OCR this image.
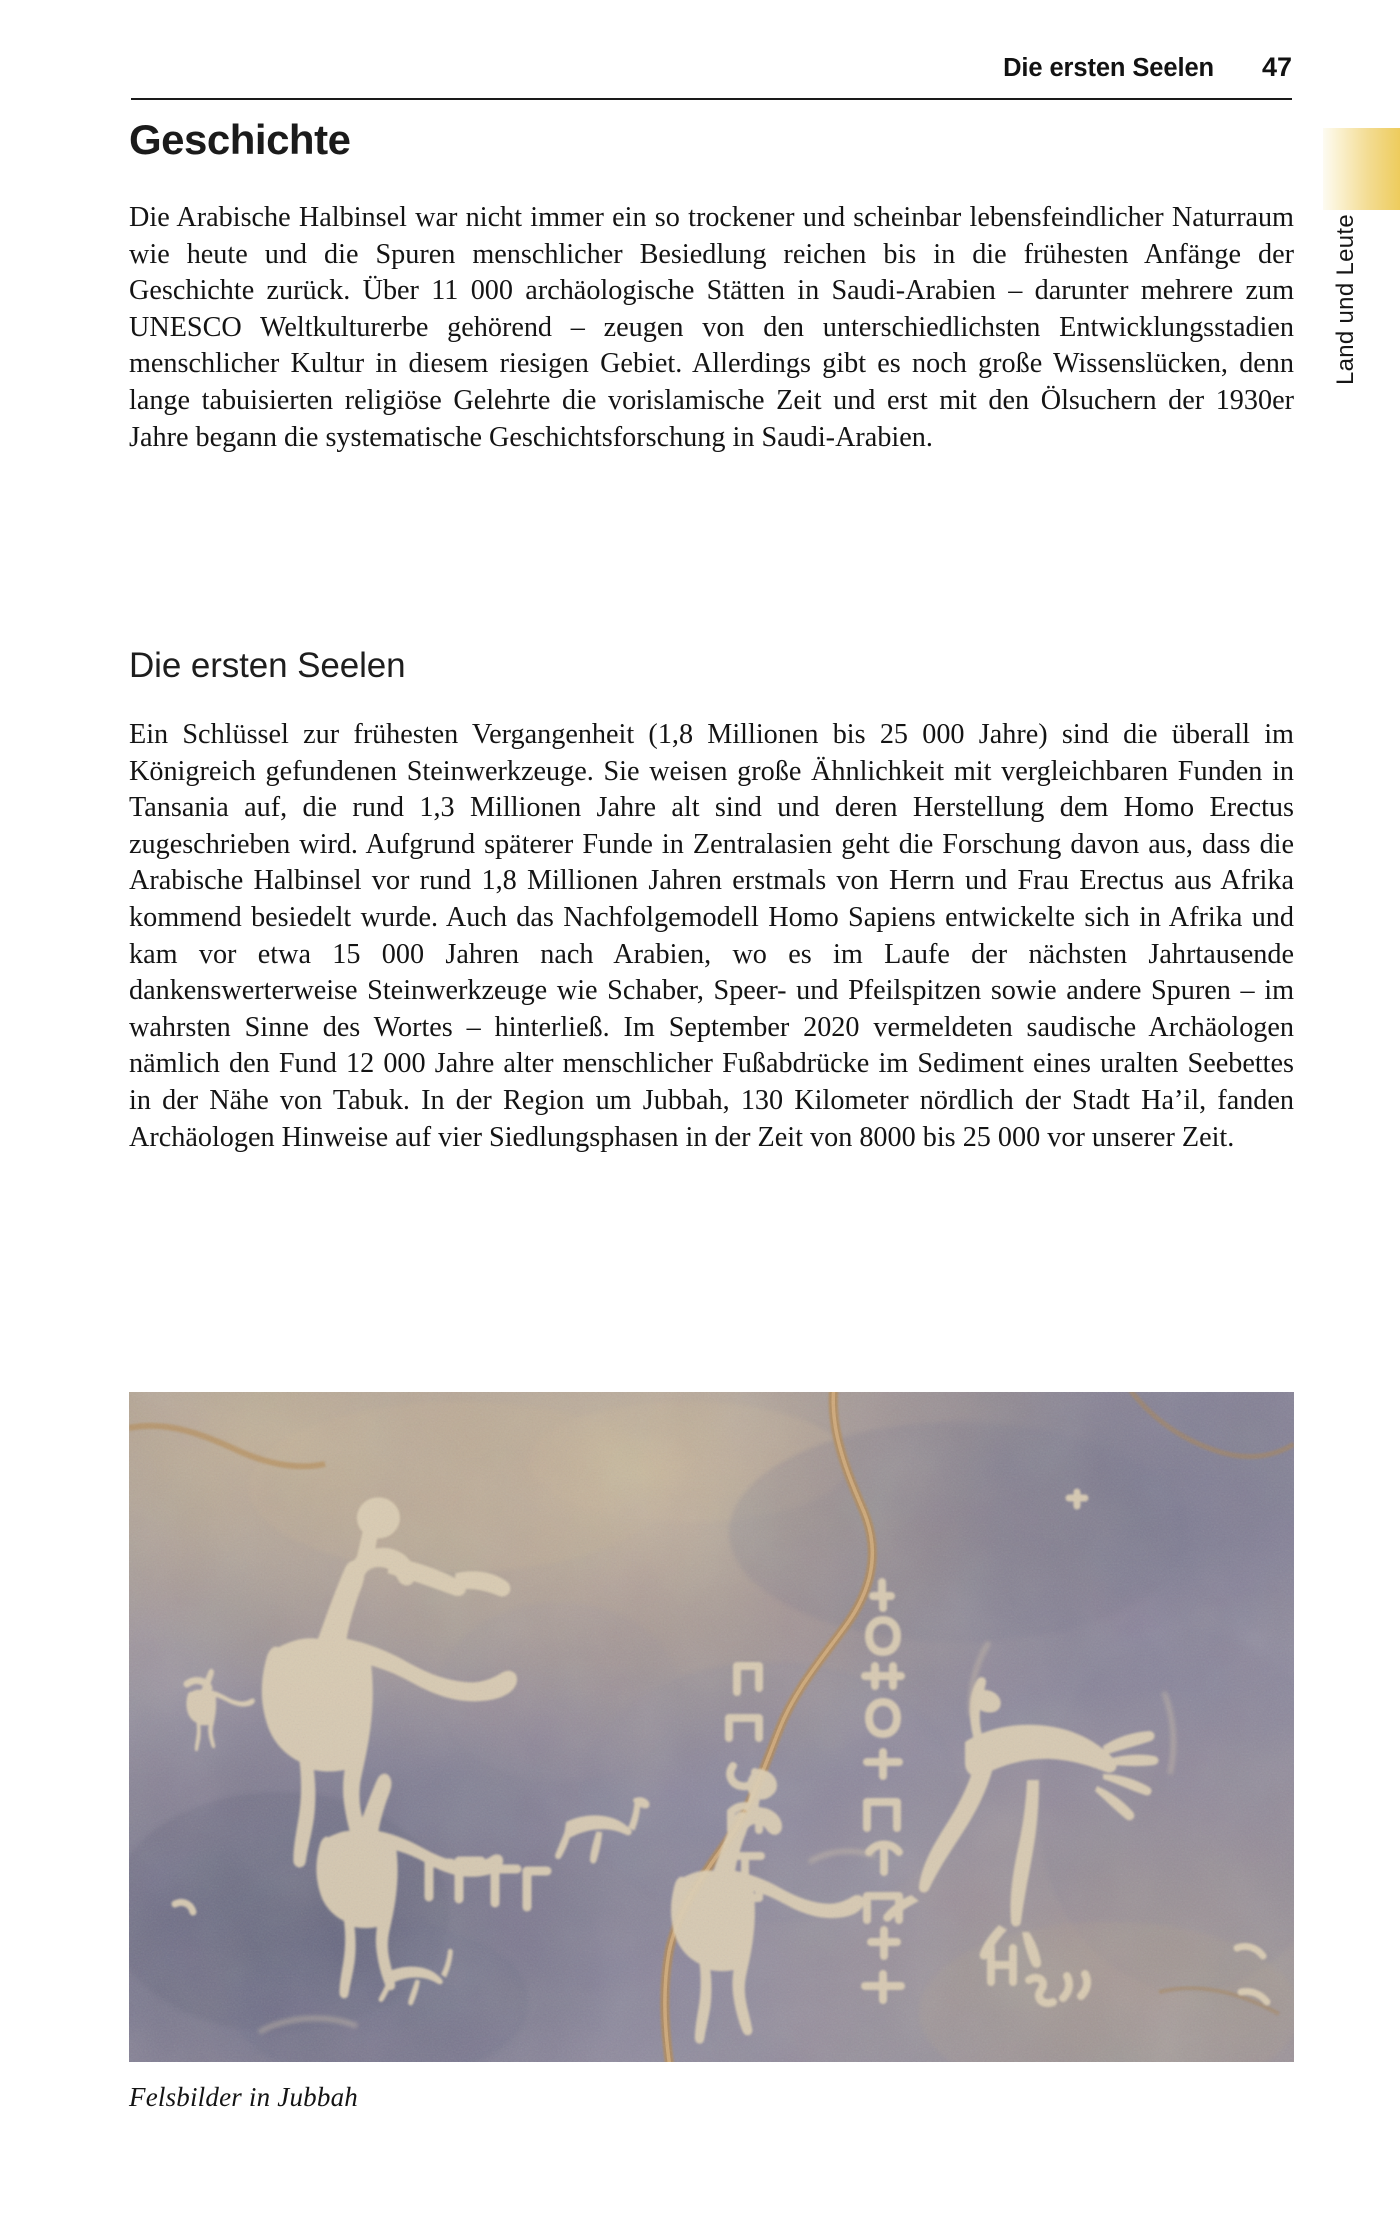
Die ersten Seelen 47
Land und Leute
Geschichte
Die ersten Seelen

Die Arabische Halbinsel war nicht immer ein so trockener und scheinbar lebensfeindlicher Naturraum wie heute und die Spuren menschlicher Besiedlung reichen bis in die frühesten Anfänge der Geschichte zurück. Über 11 000 archäologische Stätten in Saudi-Arabien – darunter mehrere zum UNESCO Weltkulturerbe gehörend – zeugen von den unterschiedlichsten Entwicklungsstadien menschlicher Kultur in diesem riesigen Gebiet. Allerdings gibt es noch große Wissenslücken, denn lange tabuisierten religiöse Gelehrte die vorislamische Zeit und erst mit den Ölsuchern der 1930er Jahre begann die systematische Geschichtsforschung in Saudi-Arabien.

Ein Schlüssel zur frühesten Vergangenheit (1,8 Millionen bis 25 000 Jahre) sind die überall im Königreich gefundenen Steinwerkzeuge. Sie weisen große Ähnlichkeit mit vergleichbaren Funden in Tansania auf, die rund 1,3 Millionen Jahre alt sind und deren Herstellung dem Homo Erectus zugeschrieben wird. Aufgrund späterer Funde in Zentralasien geht die Forschung davon aus, dass die Arabische Halbinsel vor rund 1,8 Millionen Jahren erstmals von Herrn und Frau Erectus aus Afrika kommend besiedelt wurde. Auch das Nachfolgemodell Homo Sapiens entwickelte sich in Afrika und kam vor etwa 15 000 Jahren nach Arabien, wo es im Laufe der nächsten Jahrtausende dankenswerterweise Steinwerkzeuge wie Schaber, Speer- und Pfeilspitzen sowie andere Spuren – im wahrsten Sinne des Wortes – hinterließ. Im September 2020 vermeldeten saudische Archäologen nämlich den Fund 12 000 Jahre alter menschlicher Fußabdrücke im Sediment eines uralten Seebettes in der Nähe von Tabuk. In der Region um Jubbah, 130 Kilometer nördlich der Stadt Ha’il, fanden Archäologen Hinweise auf vier Siedlungsphasen in der Zeit von 8000 bis 25 000 vor unserer Zeit.

Felsbilder in Jubbah
